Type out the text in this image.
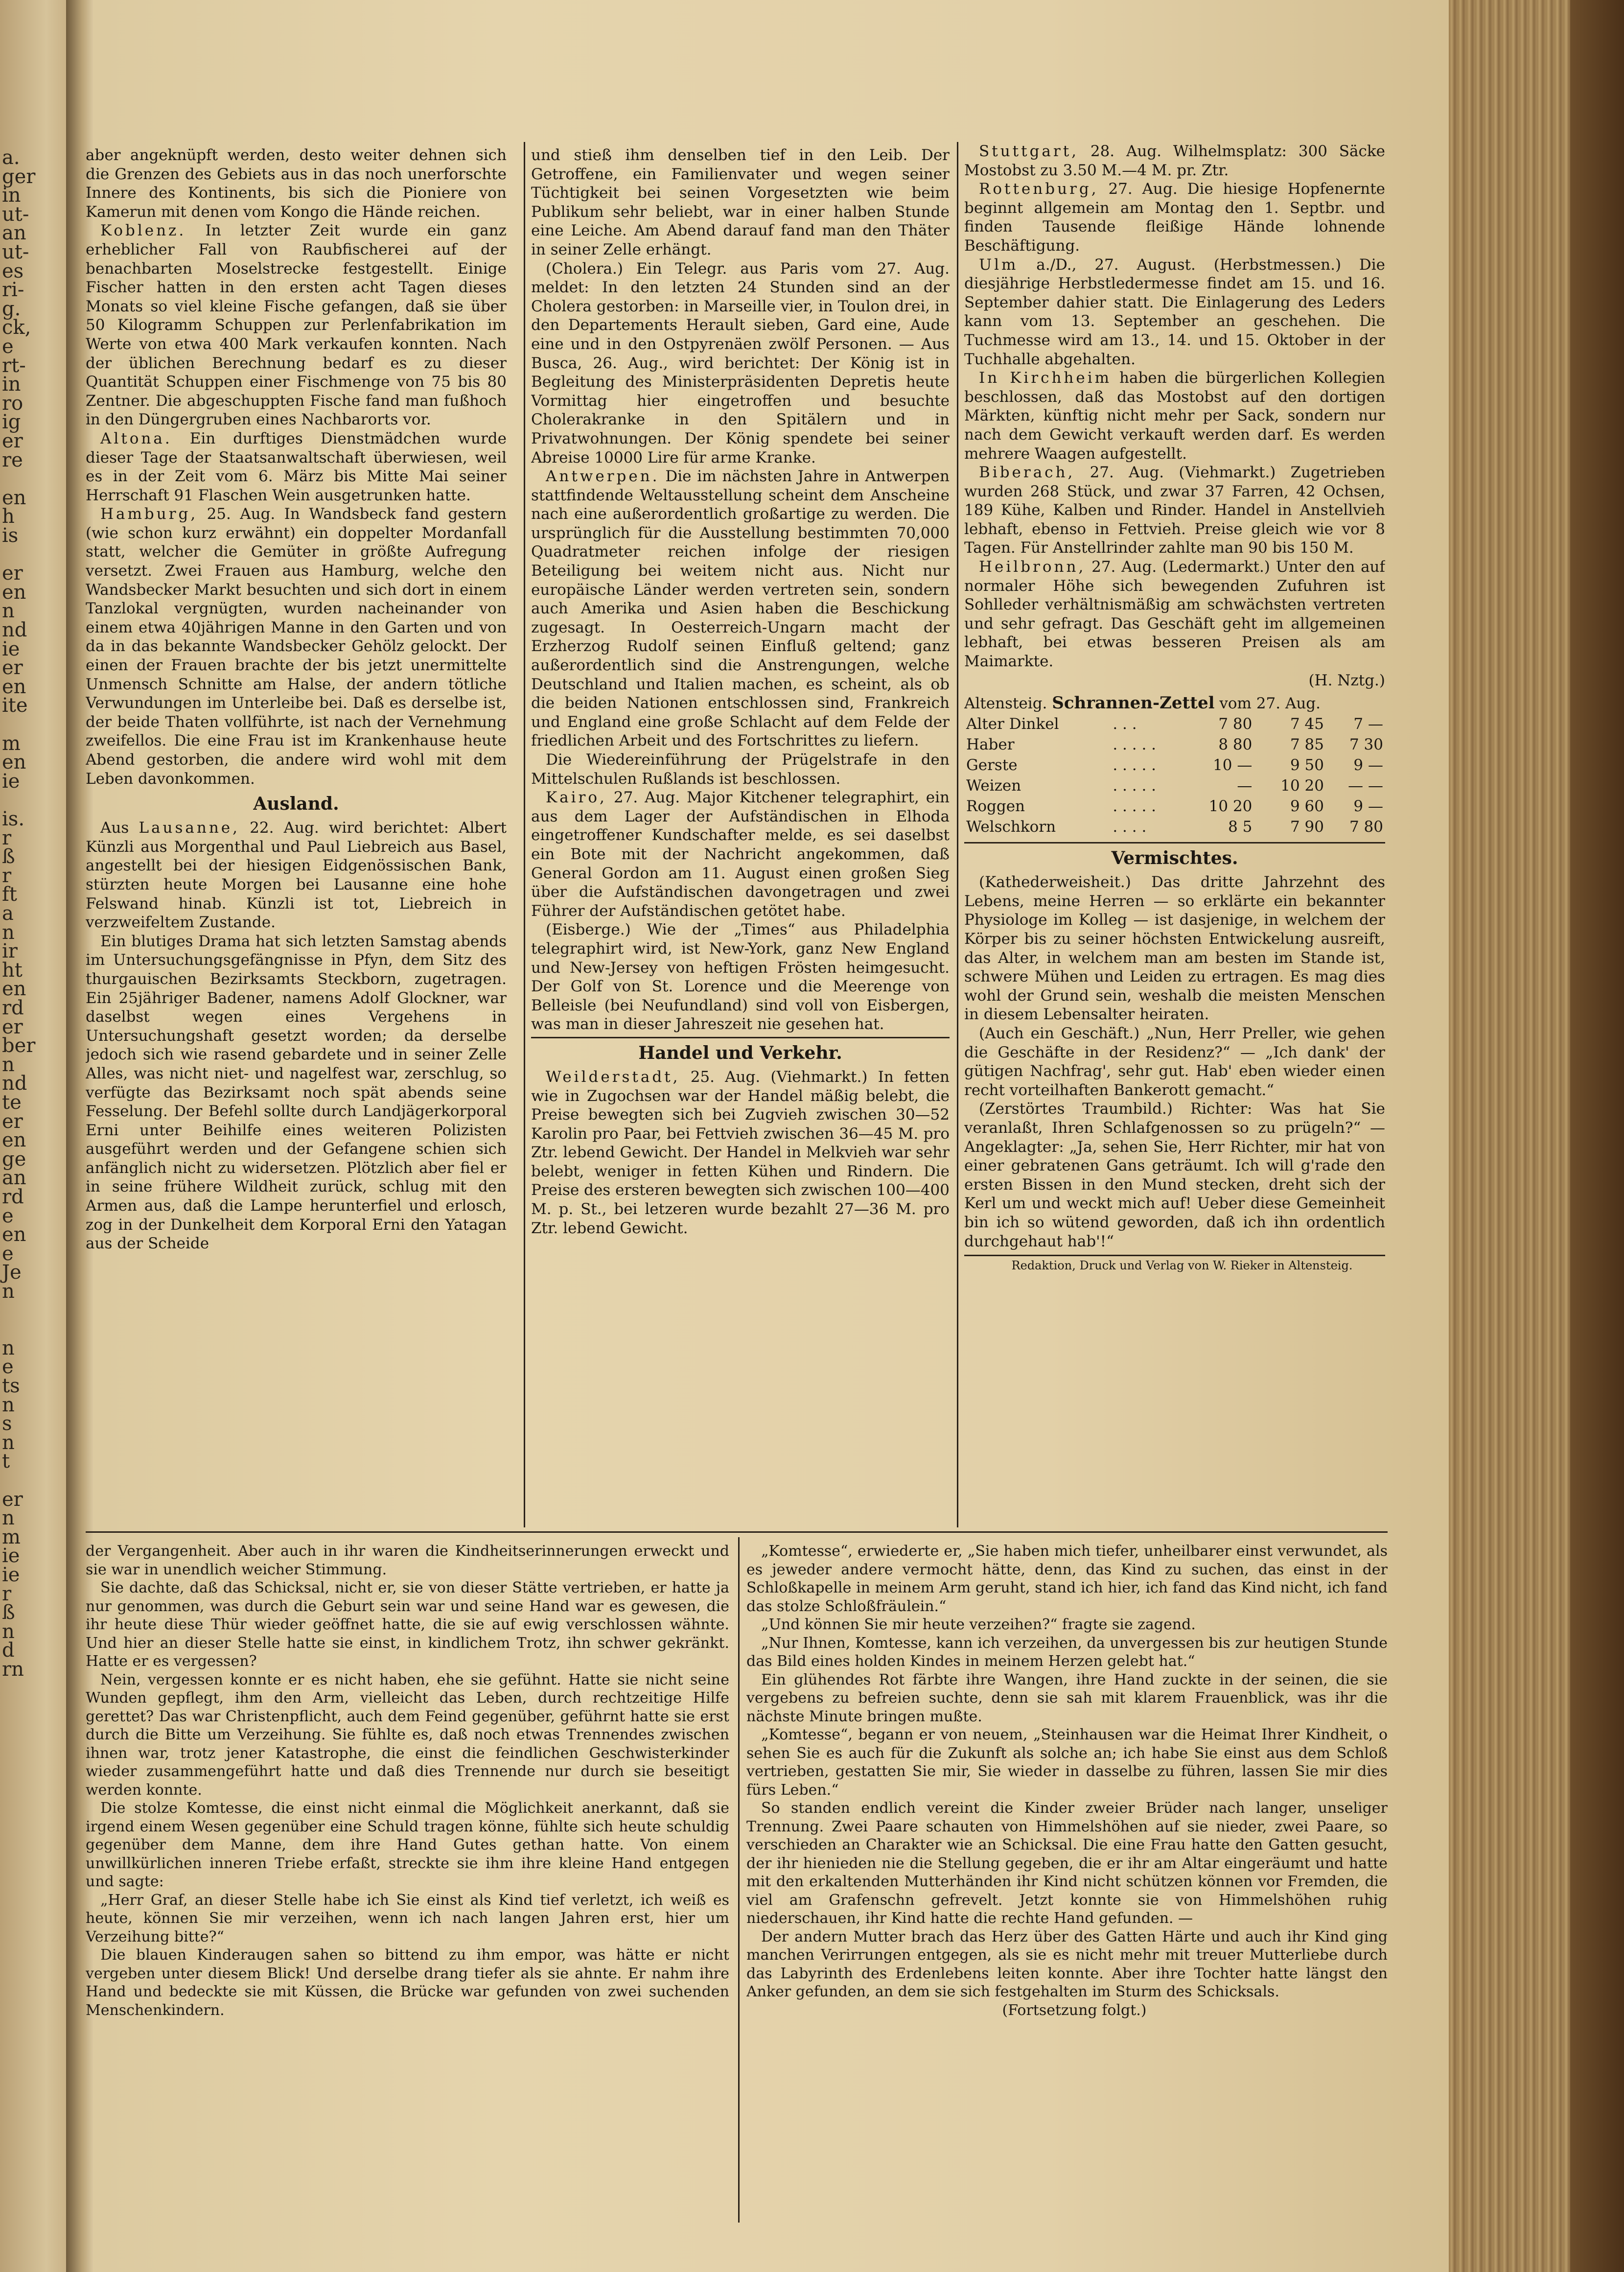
a.
ger
in
ut-
an
ut-
es
ri-
g.
ck,
e
rt-
in
ro
ig
er
re
en
h
is
er
en
n
nd
ie
er
en
ite
m
en
ie
is.
r
ß
r
ft
a
n
ir
ht
en
rd
er
ber
n
nd
te
er
en
ge
an
rd
e
en
e
Je
n
n
e
ts
n
s
n
t
er
n
m
ie
ie
r
ß
n
d
rn

aber angeknüpft werden, desto weiter dehnen sich die Grenzen des Gebiets aus in das noch unerforschte Innere des Kontinents, bis sich die Pioniere von Kamerun mit denen vom Kongo die Hände reichen.

Koblenz. In letzter Zeit wurde ein ganz erheblicher Fall von Raubfischerei auf der benachbarten Moselstrecke festgestellt. Einige Fischer hatten in den ersten acht Tagen dieses Monats so viel kleine Fische gefangen, daß sie über 50 Kilogramm Schuppen zur Perlenfabrikation im Werte von etwa 400 Mark verkaufen konnten. Nach der üblichen Berechnung bedarf es zu dieser Quantität Schuppen einer Fischmenge von 75 bis 80 Zentner. Die abgeschuppten Fische fand man fußhoch in den Düngergruben eines Nachbarorts vor.

Altona. Ein durftiges Dienstmädchen wurde dieser Tage der Staatsanwaltschaft überwiesen, weil es in der Zeit vom 6. März bis Mitte Mai seiner Herrschaft 91 Flaschen Wein ausgetrunken hatte.

Hamburg, 25. Aug. In Wandsbeck fand gestern (wie schon kurz erwähnt) ein doppelter Mordanfall statt, welcher die Gemüter in größte Aufregung versetzt. Zwei Frauen aus Hamburg, welche den Wandsbecker Markt besuchten und sich dort in einem Tanzlokal vergnügten, wurden nacheinander von einem etwa 40jährigen Manne in den Garten und von da in das bekannte Wandsbecker Gehölz gelockt. Der einen der Frauen brachte der bis jetzt unermittelte Unmensch Schnitte am Halse, der andern tötliche Verwundungen im Unterleibe bei. Daß es derselbe ist, der beide Thaten vollführte, ist nach der Vernehmung zweifellos. Die eine Frau ist im Krankenhause heute Abend gestorben, die andere wird wohl mit dem Leben davonkommen.

Ausland.

Aus Lausanne, 22. Aug. wird berichtet: Albert Künzli aus Morgenthal und Paul Liebreich aus Basel, angestellt bei der hiesigen Eidgenössischen Bank, stürzten heute Morgen bei Lausanne eine hohe Felswand hinab. Künzli ist tot, Liebreich in verzweifeltem Zustande.

Ein blutiges Drama hat sich letzten Samstag abends im Untersuchungsgefängnisse in Pfyn, dem Sitz des thurgauischen Bezirksamts Steckborn, zugetragen. Ein 25jähriger Badener, namens Adolf Glockner, war daselbst wegen eines Vergehens in Untersuchungshaft gesetzt worden; da derselbe jedoch sich wie rasend gebardete und in seiner Zelle Alles, was nicht niet- und nagelfest war, zerschlug, so verfügte das Bezirksamt noch spät abends seine Fesselung. Der Befehl sollte durch Landjägerkorporal Erni unter Beihilfe eines weiteren Polizisten ausgeführt werden und der Gefangene schien sich anfänglich nicht zu widersetzen. Plötzlich aber fiel er in seine frühere Wildheit zurück, schlug mit den Armen aus, daß die Lampe herunterfiel und erlosch, zog in der Dunkelheit dem Korporal Erni den Yatagan aus der Scheide

und stieß ihm denselben tief in den Leib. Der Getroffene, ein Familienvater und wegen seiner Tüchtigkeit bei seinen Vorgesetzten wie beim Publikum sehr beliebt, war in einer halben Stunde eine Leiche. Am Abend darauf fand man den Thäter in seiner Zelle erhängt.

(Cholera.) Ein Telegr. aus Paris vom 27. Aug. meldet: In den letzten 24 Stunden sind an der Cholera gestorben: in Marseille vier, in Toulon drei, in den Departements Herault sieben, Gard eine, Aude eine und in den Ostpyrenäen zwölf Personen. — Aus Busca, 26. Aug., wird berichtet: Der König ist in Begleitung des Ministerpräsidenten Depretis heute Vormittag hier eingetroffen und besuchte Cholerakranke in den Spitälern und in Privatwohnungen. Der König spendete bei seiner Abreise 10000 Lire für arme Kranke.

Antwerpen. Die im nächsten Jahre in Antwerpen stattfindende Weltausstellung scheint dem Anscheine nach eine außerordentlich großartige zu werden. Die ursprünglich für die Ausstellung bestimmten 70,000 Quadratmeter reichen infolge der riesigen Beteiligung bei weitem nicht aus. Nicht nur europäische Länder werden vertreten sein, sondern auch Amerika und Asien haben die Beschickung zugesagt. In Oesterreich-Ungarn macht der Erzherzog Rudolf seinen Einfluß geltend; ganz außerordentlich sind die Anstrengungen, welche Deutschland und Italien machen, es scheint, als ob die beiden Nationen entschlossen sind, Frankreich und England eine große Schlacht auf dem Felde der friedlichen Arbeit und des Fortschrittes zu liefern.

Die Wiedereinführung der Prügelstrafe in den Mittelschulen Rußlands ist beschlossen.

Kairo, 27. Aug. Major Kitchener telegraphirt, ein aus dem Lager der Aufständischen in Elhoda eingetroffener Kundschafter melde, es sei daselbst ein Bote mit der Nachricht angekommen, daß General Gordon am 11. August einen großen Sieg über die Aufständischen davongetragen und zwei Führer der Aufständischen getötet habe.

(Eisberge.) Wie der „Times“ aus Philadelphia telegraphirt wird, ist New-York, ganz New England und New-Jersey von heftigen Frösten heimgesucht. Der Golf von St. Lorence und die Meerenge von Belleisle (bei Neufundland) sind voll von Eisbergen, was man in dieser Jahreszeit nie gesehen hat.

Handel und Verkehr.

Weilderstadt, 25. Aug. (Viehmarkt.) In fetten wie in Zugochsen war der Handel mäßig belebt, die Preise bewegten sich bei Zugvieh zwischen 30—52 Karolin pro Paar, bei Fettvieh zwischen 36—45 M. pro Ztr. lebend Gewicht. Der Handel in Melkvieh war sehr belebt, weniger in fetten Kühen und Rindern. Die Preise des ersteren bewegten sich zwischen 100—400 M. p. St., bei letzeren wurde bezahlt 27—36 M. pro Ztr. lebend Gewicht.

Stuttgart, 28. Aug. Wilhelmsplatz: 300 Säcke Mostobst zu 3.50 M.—4 M. pr. Ztr.

Rottenburg, 27. Aug. Die hiesige Hopfenernte beginnt allgemein am Montag den 1. Septbr. und finden Tausende fleißige Hände lohnende Beschäftigung.

Ulm a./D., 27. August. (Herbstmessen.) Die diesjährige Herbstledermesse findet am 15. und 16. September dahier statt. Die Einlagerung des Leders kann vom 13. September an geschehen. Die Tuchmesse wird am 13., 14. und 15. Oktober in der Tuchhalle abgehalten.

In Kirchheim haben die bürgerlichen Kollegien beschlossen, daß das Mostobst auf den dortigen Märkten, künftig nicht mehr per Sack, sondern nur nach dem Gewicht verkauft werden darf. Es werden mehrere Waagen aufgestellt.

Biberach, 27. Aug. (Viehmarkt.) Zugetrieben wurden 268 Stück, und zwar 37 Farren, 42 Ochsen, 189 Kühe, Kalben und Rinder. Handel in Anstellvieh lebhaft, ebenso in Fettvieh. Preise gleich wie vor 8 Tagen. Für Anstellrinder zahlte man 90 bis 150 M.

Heilbronn, 27. Aug. (Ledermarkt.) Unter den auf normaler Höhe sich bewegenden Zufuhren ist Sohlleder verhältnismäßig am schwächsten vertreten und sehr gefragt. Das Geschäft geht im allgemeinen lebhaft, bei etwas besseren Preisen als am Maimarkte.

(H. Nztg.)

Altensteig. Schrannen-Zettel vom 27. Aug.
Alter Dinkel	. . .	7 80	7 45	7 —
Haber	. . . . .	8 80	7 85	7 30
Gerste	. . . . .	10 —	9 50	9 —
Weizen	. . . . .	—	10 20	— —
Roggen	. . . . .	10 20	9 60	9 —
Welschkorn	. . . .	8 5	7 90	7 80
Vermischtes.

(Kathederweisheit.) Das dritte Jahrzehnt des Lebens, meine Herren — so erklärte ein bekannter Physiologe im Kolleg — ist dasjenige, in welchem der Körper bis zu seiner höchsten Entwickelung ausreift, das Alter, in welchem man am besten im Stande ist, schwere Mühen und Leiden zu ertragen. Es mag dies wohl der Grund sein, weshalb die meisten Menschen in diesem Lebensalter heiraten.

(Auch ein Geschäft.) „Nun, Herr Preller, wie gehen die Geschäfte in der Residenz?“ — „Ich dank' der gütigen Nachfrag', sehr gut. Hab' eben wieder einen recht vorteilhaften Bankerott gemacht.“

(Zerstörtes Traumbild.) Richter: Was hat Sie veranlaßt, Ihren Schlafgenossen so zu prügeln?“ — Angeklagter: „Ja, sehen Sie, Herr Richter, mir hat von einer gebratenen Gans geträumt. Ich will g'rade den ersten Bissen in den Mund stecken, dreht sich der Kerl um und weckt mich auf! Ueber diese Gemeinheit bin ich so wütend geworden, daß ich ihn ordentlich durchgehaut hab'!“

Redaktion, Druck und Verlag von W. Rieker in Altensteig.

der Vergangenheit. Aber auch in ihr waren die Kindheitserinnerungen erweckt und sie war in unendlich weicher Stimmung.

Sie dachte, daß das Schicksal, nicht er, sie von dieser Stätte vertrieben, er hatte ja nur genommen, was durch die Geburt sein war und seine Hand war es gewesen, die ihr heute diese Thür wieder geöffnet hatte, die sie auf ewig verschlossen wähnte. Und hier an dieser Stelle hatte sie einst, in kindlichem Trotz, ihn schwer gekränkt. Hatte er es vergessen?

Nein, vergessen konnte er es nicht haben, ehe sie gefühnt. Hatte sie nicht seine Wunden gepflegt, ihm den Arm, vielleicht das Leben, durch rechtzeitige Hilfe gerettet? Das war Christenpflicht, auch dem Feind gegenüber, geführnt hatte sie erst durch die Bitte um Verzeihung. Sie fühlte es, daß noch etwas Trennendes zwischen ihnen war, trotz jener Katastrophe, die einst die feindlichen Geschwisterkinder wieder zusammengeführt hatte und daß dies Trennende nur durch sie beseitigt werden konnte.

Die stolze Komtesse, die einst nicht einmal die Möglichkeit anerkannt, daß sie irgend einem Wesen gegenüber eine Schuld tragen könne, fühlte sich heute schuldig gegenüber dem Manne, dem ihre Hand Gutes gethan hatte. Von einem unwillkürlichen inneren Triebe erfaßt, streckte sie ihm ihre kleine Hand entgegen und sagte:

„Herr Graf, an dieser Stelle habe ich Sie einst als Kind tief verletzt, ich weiß es heute, können Sie mir verzeihen, wenn ich nach langen Jahren erst, hier um Verzeihung bitte?“

Die blauen Kinderaugen sahen so bittend zu ihm empor, was hätte er nicht vergeben unter diesem Blick! Und derselbe drang tiefer als sie ahnte. Er nahm ihre Hand und bedeckte sie mit Küssen, die Brücke war gefunden von zwei suchenden Menschenkindern.

„Komtesse“, erwiederte er, „Sie haben mich tiefer, unheilbarer einst verwundet, als es jeweder andere vermocht hätte, denn, das Kind zu suchen, das einst in der Schloßkapelle in meinem Arm geruht, stand ich hier, ich fand das Kind nicht, ich fand das stolze Schloßfräulein.“

„Und können Sie mir heute verzeihen?“ fragte sie zagend.

„Nur Ihnen, Komtesse, kann ich verzeihen, da unvergessen bis zur heutigen Stunde das Bild eines holden Kindes in meinem Herzen gelebt hat.“

Ein glühendes Rot färbte ihre Wangen, ihre Hand zuckte in der seinen, die sie vergebens zu befreien suchte, denn sie sah mit klarem Frauenblick, was ihr die nächste Minute bringen mußte.

„Komtesse“, begann er von neuem, „Steinhausen war die Heimat Ihrer Kindheit, o sehen Sie es auch für die Zukunft als solche an; ich habe Sie einst aus dem Schloß vertrieben, gestatten Sie mir, Sie wieder in dasselbe zu führen, lassen Sie mir dies fürs Leben.“

So standen endlich vereint die Kinder zweier Brüder nach langer, unseliger Trennung. Zwei Paare schauten von Himmelshöhen auf sie nieder, zwei Paare, so verschieden an Charakter wie an Schicksal. Die eine Frau hatte den Gatten gesucht, der ihr hienieden nie die Stellung gegeben, die er ihr am Altar eingeräumt und hatte mit den erkaltenden Mutterhänden ihr Kind nicht schützen können vor Fremden, die viel am Grafenschn gefrevelt. Jetzt konnte sie von Himmelshöhen ruhig niederschauen, ihr Kind hatte die rechte Hand gefunden. —

Der andern Mutter brach das Herz über des Gatten Härte und auch ihr Kind ging manchen Verirrungen entgegen, als sie es nicht mehr mit treuer Mutterliebe durch das Labyrinth des Erdenlebens leiten konnte. Aber ihre Tochter hatte längst den Anker gefunden, an dem sie sich festgehalten im Sturm des Schicksals.

(Fortsetzung folgt.)
